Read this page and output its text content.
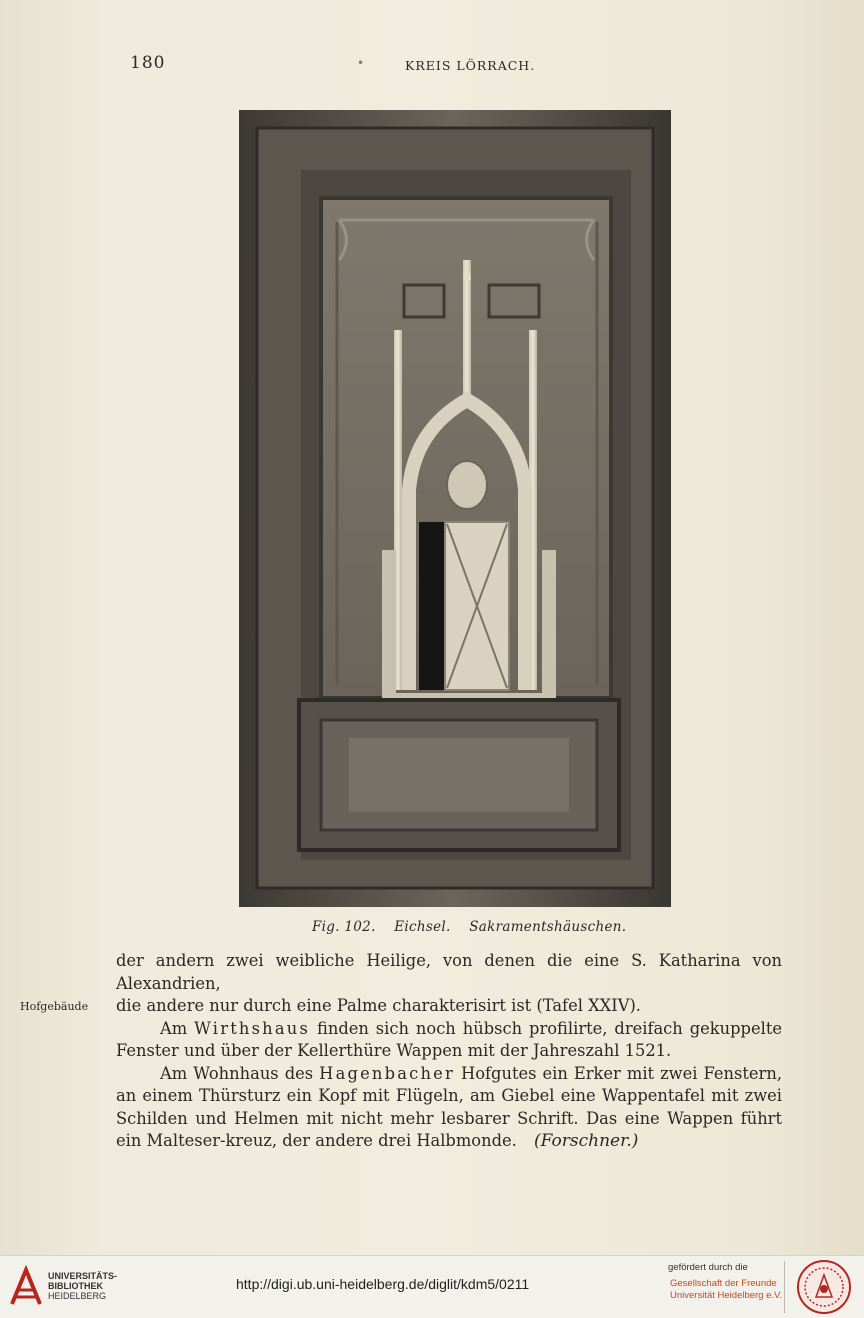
180	•	KREIS LÖRRACH.
Fig. 102. Eichsel. Sakramentshäuschen.
Hofgebäude

der andern zwei weibliche Heilige, von denen die eine S. Katharina von Alexandrien,
die andere nur durch eine Palme charakterisirt ist (Tafel XXIV).

Am Wirthshaus finden sich noch hübsch profilirte, dreifach gekuppelte Fenster und über der Kellerthüre Wappen mit der Jahreszahl 1521.

Am Wohnhaus des Hagenbacher Hofgutes ein Erker mit zwei Fenstern, an einem Thürsturz ein Kopf mit Flügeln, am Giebel eine Wappentafel mit zwei Schilden und Helmen mit nicht mehr lesbarer Schrift. Das eine Wappen führt ein Malteser-kreuz, der andere drei Halbmonde. (Forschner.)

UNIVERSITÄTS-
BIBLIOTHEK
HEIDELBERG
http://digi.ub.uni-heidelberg.de/diglit/kdm5/0211
gefördert durch die
Gesellschaft der Freunde
Universität Heidelberg e.V.
